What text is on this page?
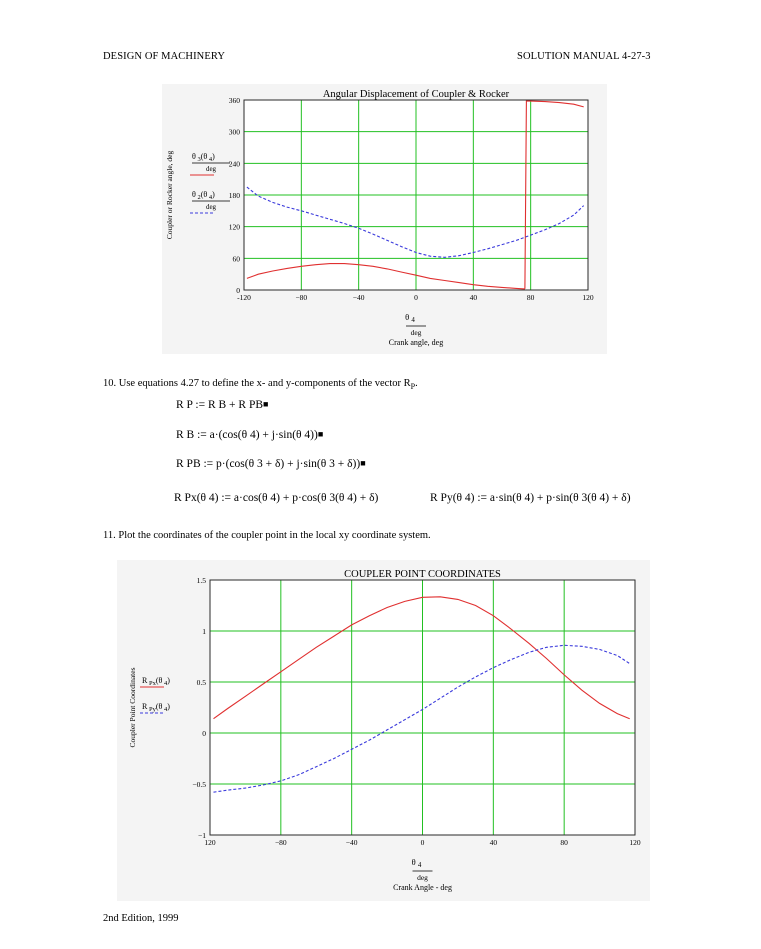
DESIGN OF MACHINERY	SOLUTION MANUAL 4-27-3
-120	−80	−40	0	40	80	120
0
60
120
180
240
300
360
Angular Displacement of Coupler & Rocker
θ $_4$
deg
Crank angle, deg
Coupler or Rocker angle, deg θ $_3$(θ $_4$)
deg
θ $_2$(θ $_4$)
deg
10. Use equations 4.27 to define the x- and y-components of the vector $R_P$.
R P := R B + R PB■
R B := a·(cos(θ 4) + j·sin(θ 4))■
R PB := p·(cos(θ 3 + δ) + j·sin(θ 3 + δ))■
R Px(θ 4) := a·cos(θ 4) + p·cos(θ 3(θ 4) + δ)	R Py(θ 4) := a·sin(θ 4) + p·sin(θ 3(θ 4) + δ)
11. Plot the coordinates of the coupler point in the local xy coordinate system.
120	−80	−40	0	40	80	120
−1
−0.5
0
0.5
1
1.5
COUPLER POINT COORDINATES
θ $_4$
deg
Crank Angle - deg
Coupler Point Coordinates R $_{Px}$(θ $_4$)
R $_{Py}$(θ $_4$)
2nd Edition, 1999
